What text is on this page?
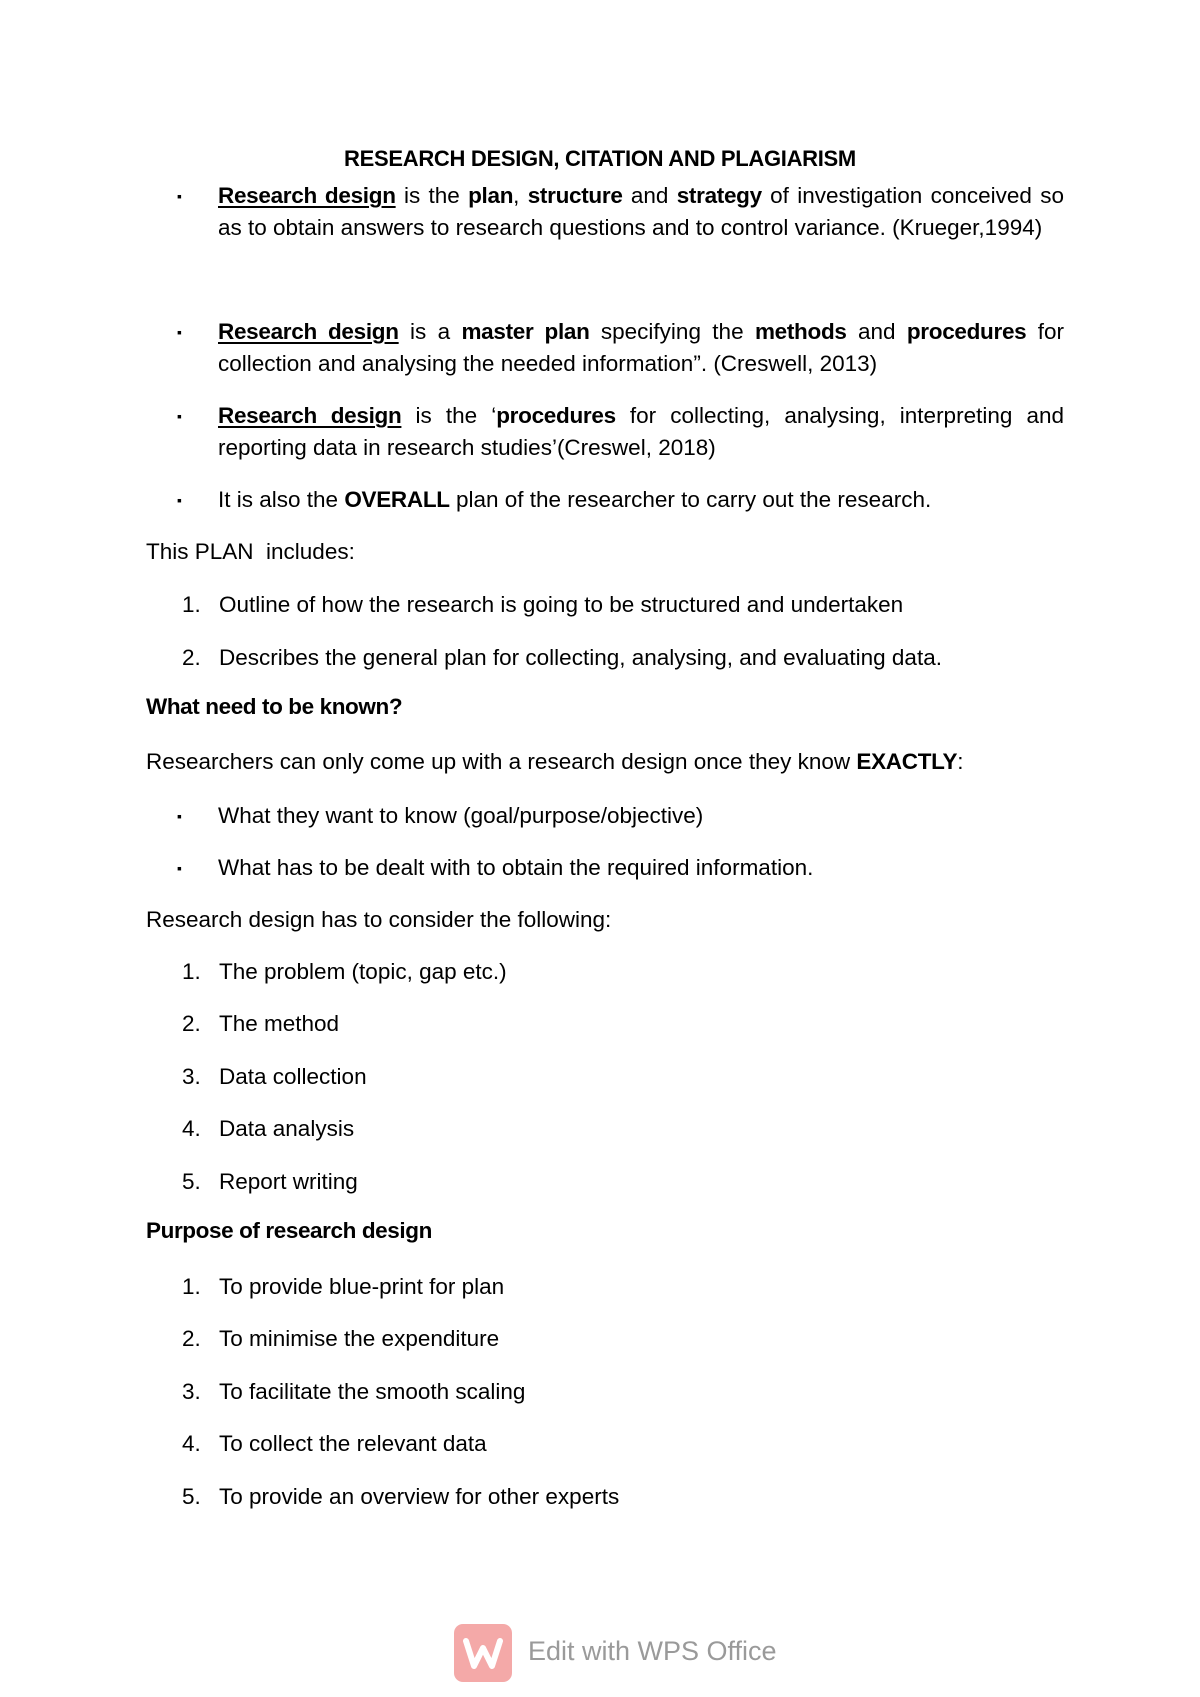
RESEARCH DESIGN, CITATION AND PLAGIARISM
▪	Research design is the plan, structure and strategy of investigation conceived so as to obtain answers to research questions and to control variance. (Krueger,1994)
▪	Research design is a master plan specifying the methods and procedures for collection and analysing the needed information”. (Creswell, 2013)
▪	Research design is the ‘procedures for collecting, analysing, interpreting and reporting data in research studies’(Creswel, 2018)
▪	It is also the OVERALL plan of the researcher to carry out the research.
This PLAN  includes:
1. Outline of how the research is going to be structured and undertaken
2. Describes the general plan for collecting, analysing, and evaluating data.
What need to be known?
Researchers can only come up with a research design once they know EXACTLY:
▪	What they want to know (goal/purpose/objective)
▪	What has to be dealt with to obtain the required information.
Research design has to consider the following:
1. The problem (topic, gap etc.)
2. The method
3. Data collection
4. Data analysis
5. Report writing
Purpose of research design
1. To provide blue-print for plan
2. To minimise the expenditure
3. To facilitate the smooth scaling
4. To collect the relevant data
5. To provide an overview for other experts
Edit with WPS Office
